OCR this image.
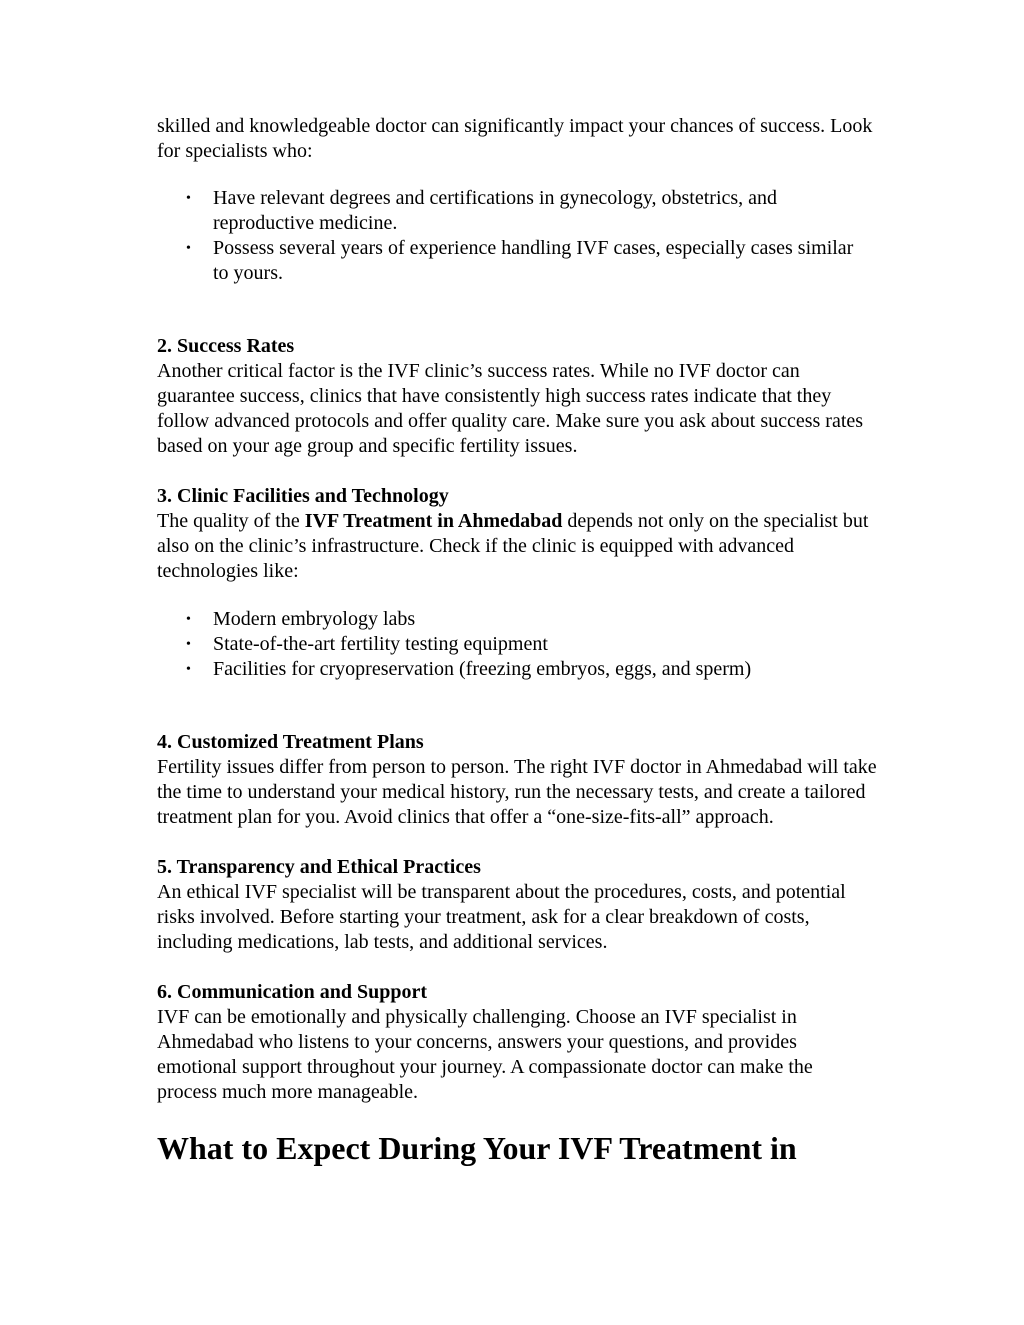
skilled and knowledgeable doctor can significantly impact your chances of success. Look for specialists who:

• Have relevant degrees and certifications in gynecology, obstetrics, and reproductive medicine.
• Possess several years of experience handling IVF cases, especially cases similar to yours.
2. Success Rates

Another critical factor is the IVF clinic’s success rates. While no IVF doctor can guarantee success, clinics that have consistently high success rates indicate that they follow advanced protocols and offer quality care. Make sure you ask about success rates based on your age group and specific fertility issues.

3. Clinic Facilities and Technology

The quality of the IVF Treatment in Ahmedabad depends not only on the specialist but also on the clinic’s infrastructure. Check if the clinic is equipped with advanced technologies like:

• Modern embryology labs
• State-of-the-art fertility testing equipment
• Facilities for cryopreservation (freezing embryos, eggs, and sperm)
4. Customized Treatment Plans

Fertility issues differ from person to person. The right IVF doctor in Ahmedabad will take the time to understand your medical history, run the necessary tests, and create a tailored treatment plan for you. Avoid clinics that offer a “one-size-fits-all” approach.

5. Transparency and Ethical Practices

An ethical IVF specialist will be transparent about the procedures, costs, and potential risks involved. Before starting your treatment, ask for a clear breakdown of costs, including medications, lab tests, and additional services.

6. Communication and Support

IVF can be emotionally and physically challenging. Choose an IVF specialist in Ahmedabad who listens to your concerns, answers your questions, and provides emotional support throughout your journey. A compassionate doctor can make the process much more manageable.

What to Expect During Your IVF Treatment in
